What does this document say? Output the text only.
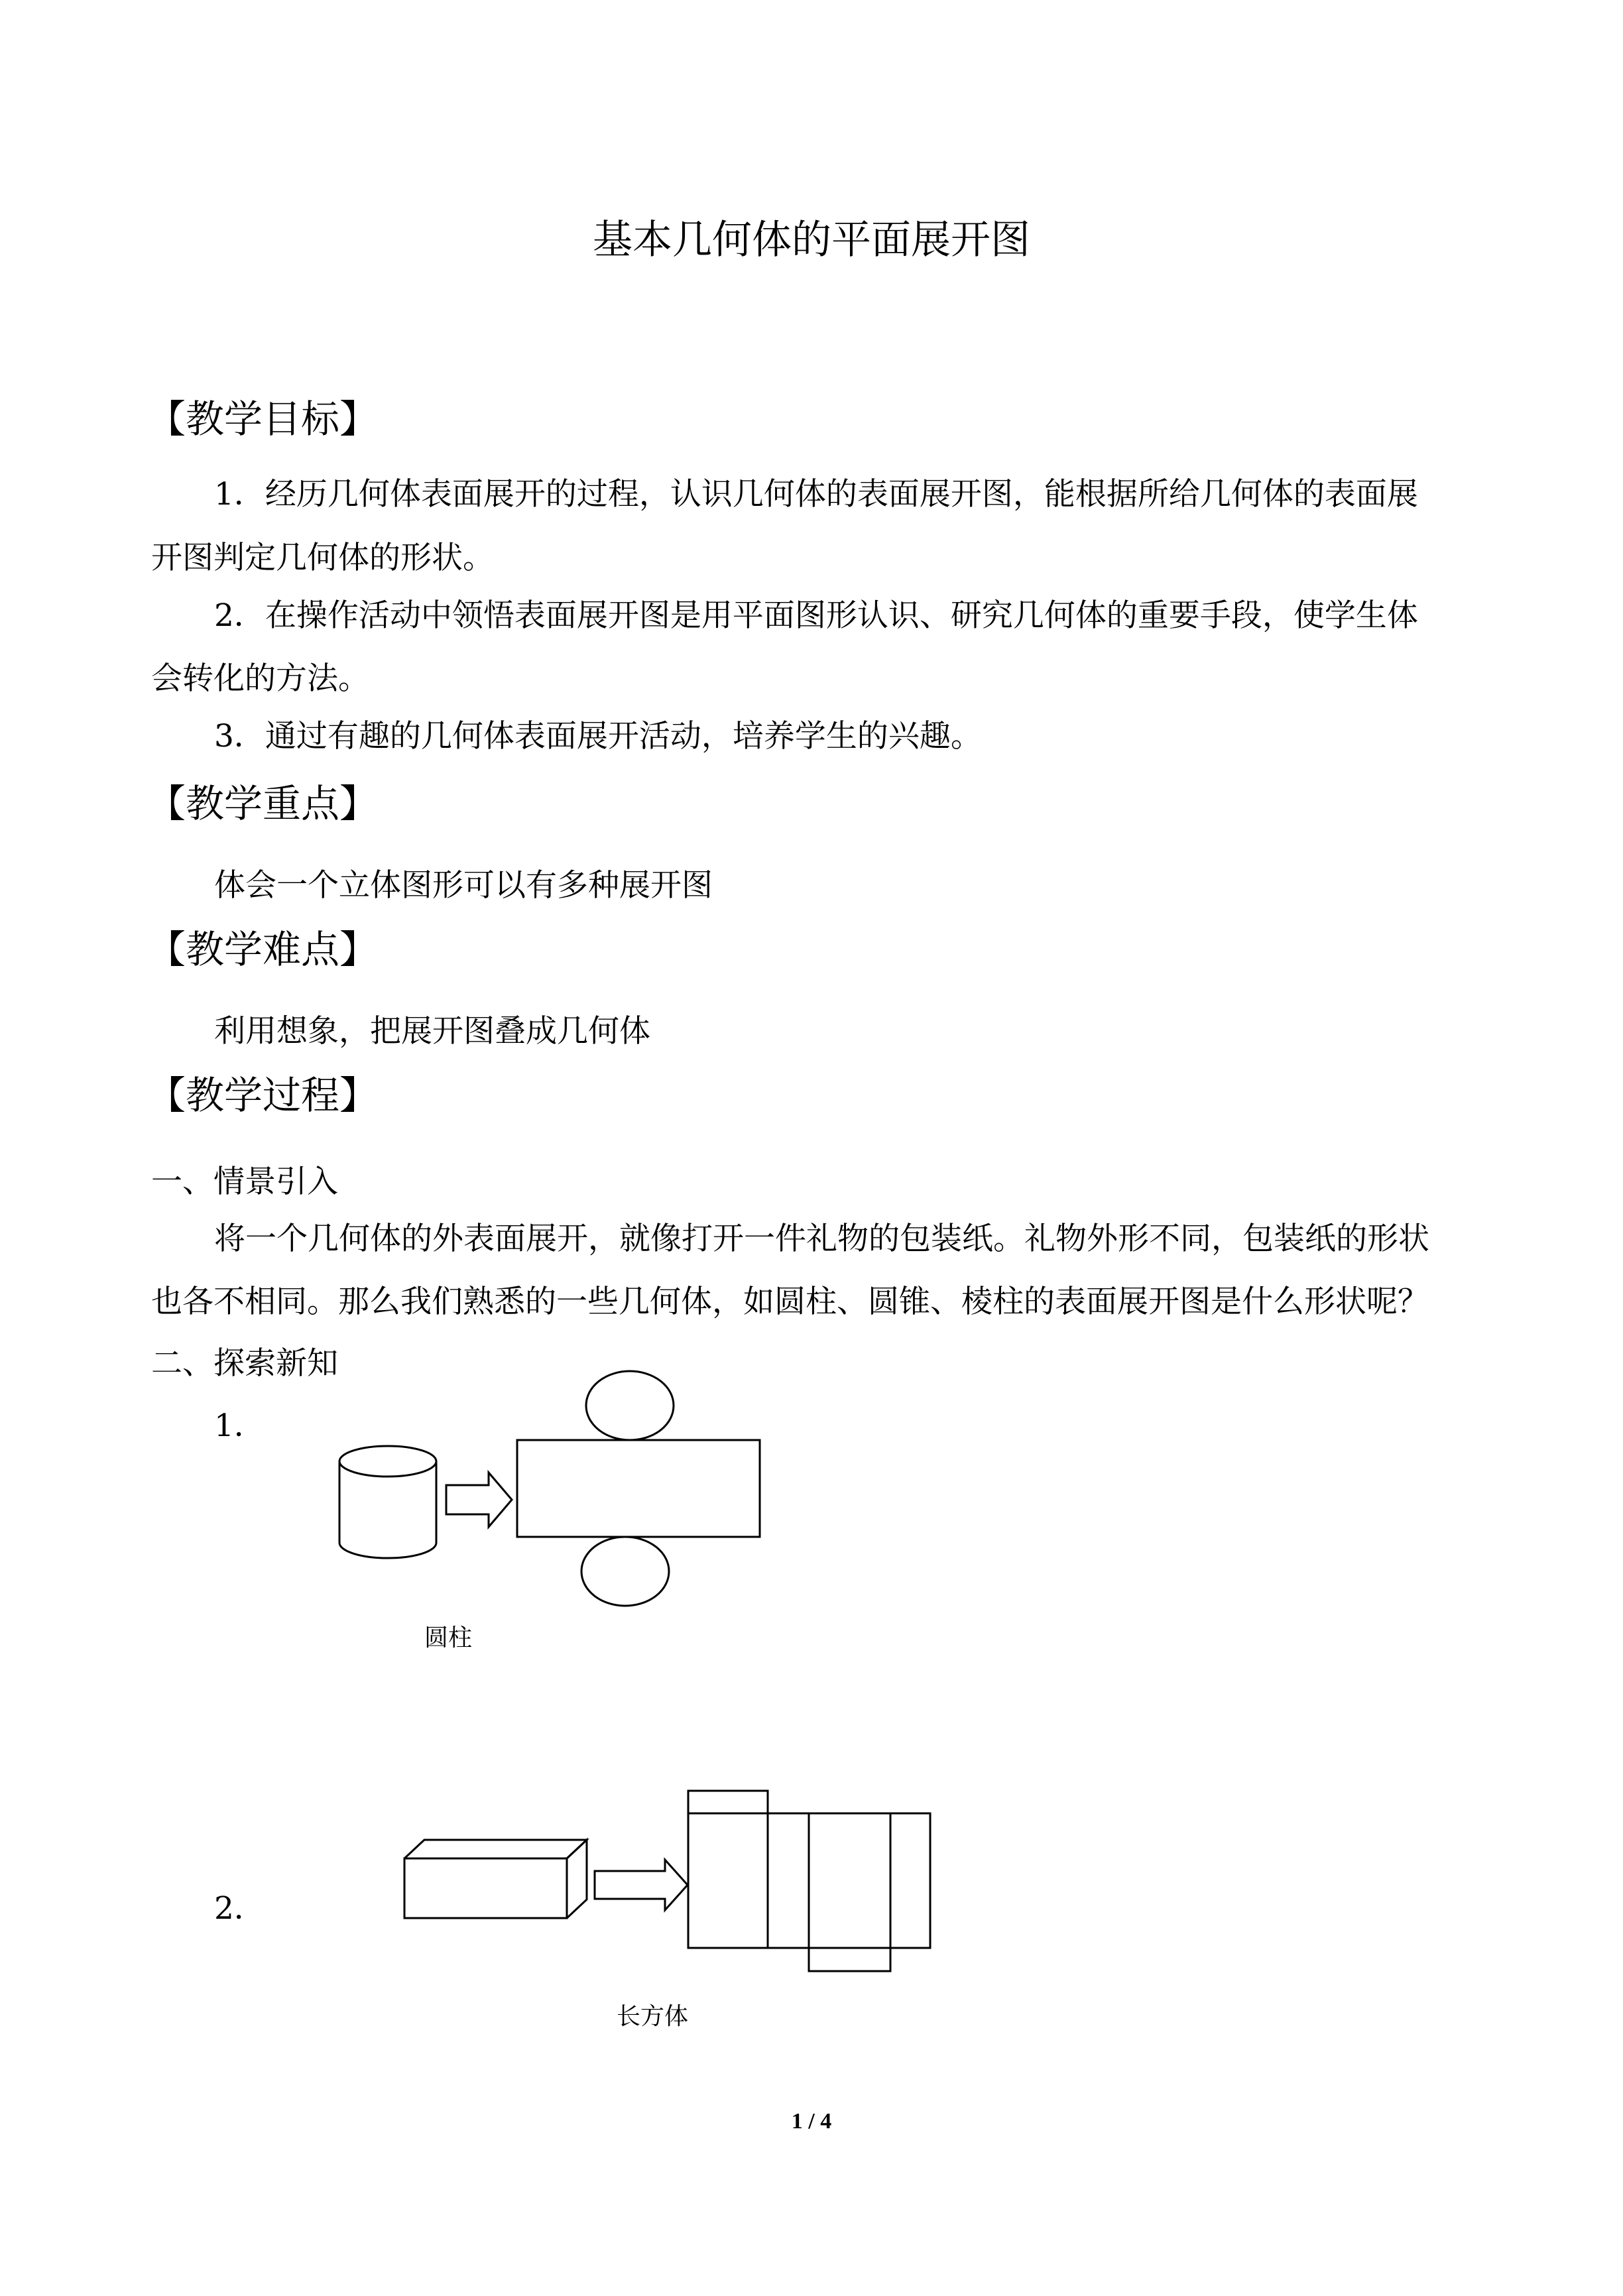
基本几何体的平面展开图
【教学目标】
1．经历几何体表面展开的过程，认识几何体的表面展开图，能根据所给几何体的表面展
开图判定几何体的形状。
2．在操作活动中领悟表面展开图是用平面图形认识、研究几何体的重要手段，使学生体
会转化的方法。
3．通过有趣的几何体表面展开活动，培养学生的兴趣。
【教学重点】
体会一个立体图形可以有多种展开图
【教学难点】
利用想象，把展开图叠成几何体
【教学过程】
一、情景引入
将一个几何体的外表面展开，就像打开一件礼物的包装纸。礼物外形不同，包装纸的形状
也各不相同。那么我们熟悉的一些几何体，如圆柱、圆锥、棱柱的表面展开图是什么形状呢？
二、探索新知
1．
圆柱
2．
长方体
1 / 4
